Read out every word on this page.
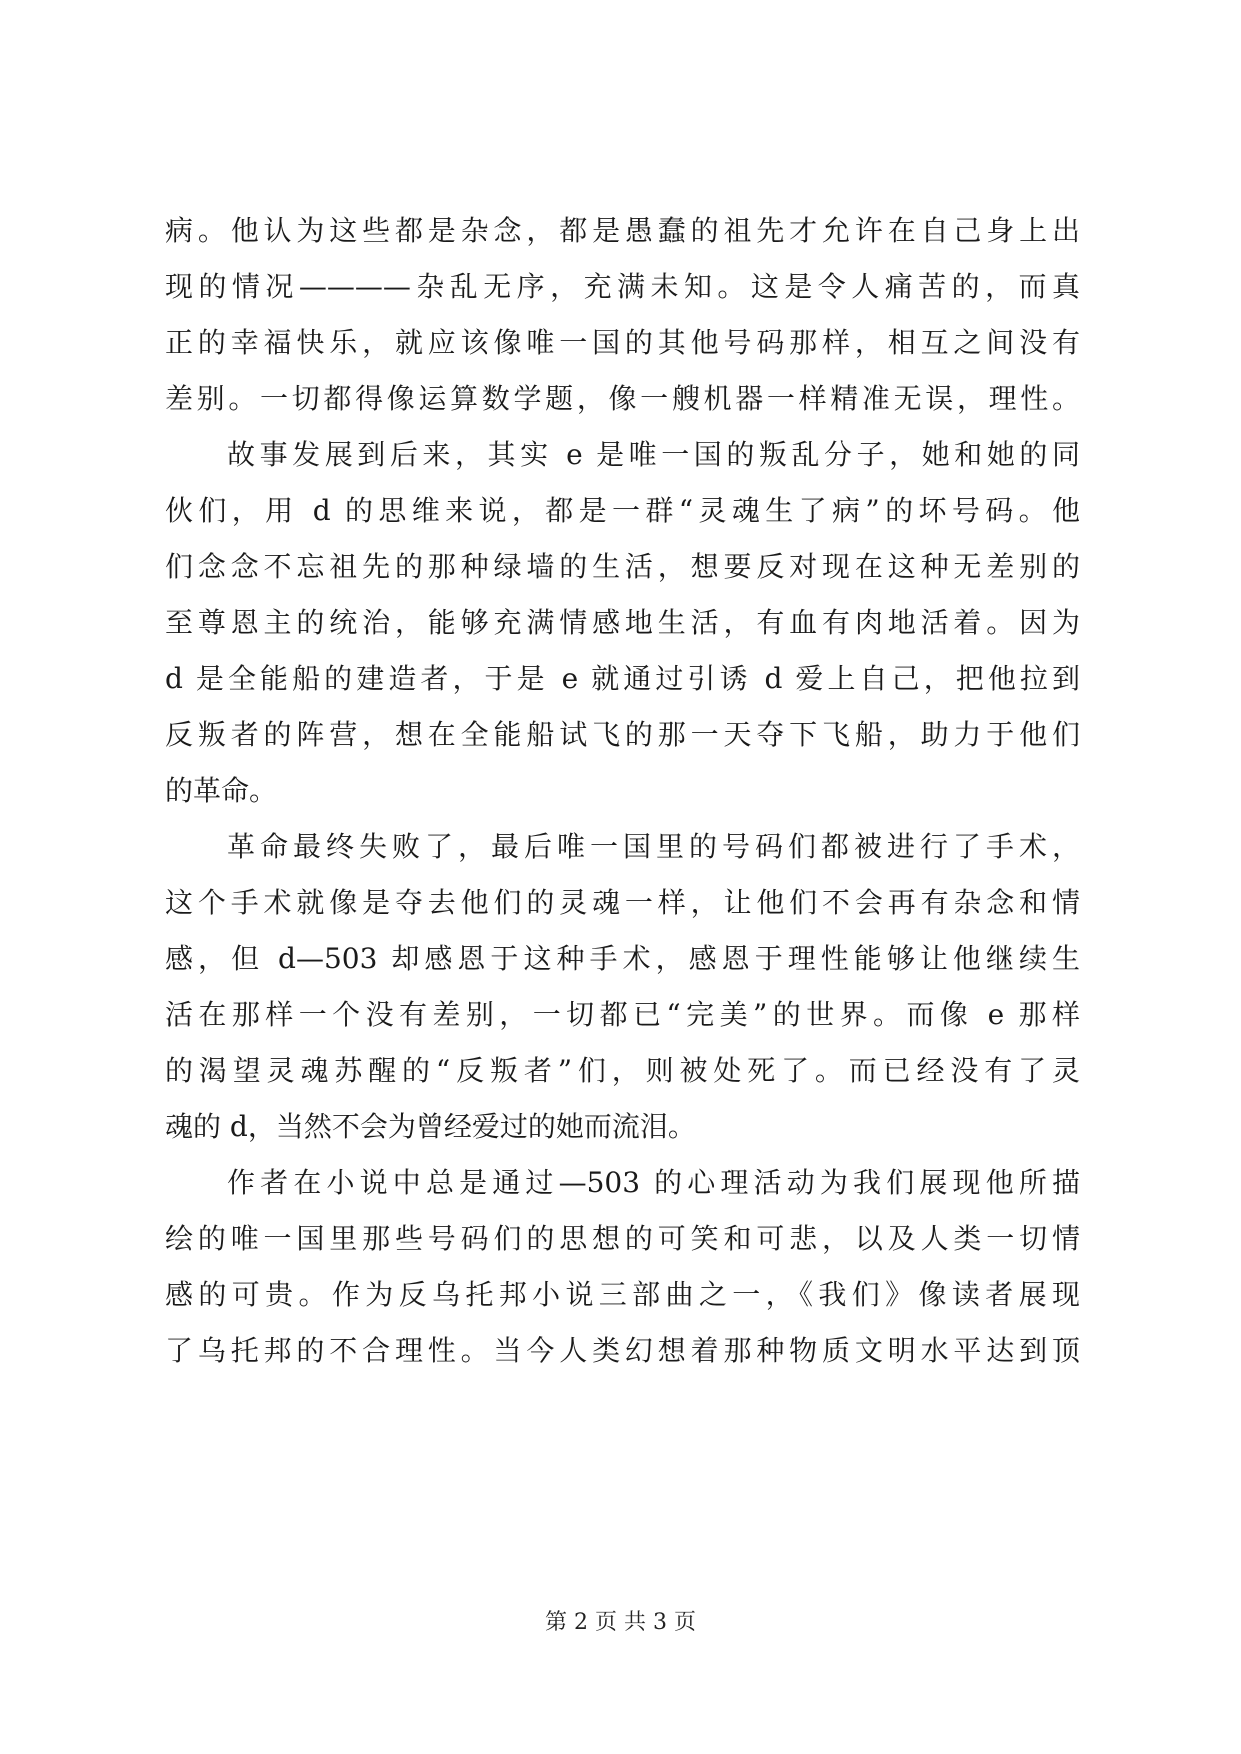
病。他认为这些都是杂念，都是愚蠢的祖先才允许在自己身上出
现的情况————杂乱无序，充满未知。这是令人痛苦的，而真
正的幸福快乐，就应该像唯一国的其他号码那样，相互之间没有
差别。一切都得像运算数学题，像一艘机器一样精准无误，理性。
故事发展到后来，其实 e 是唯一国的叛乱分子，她和她的同
伙们，用 d 的思维来说，都是一群“灵魂生了病”的坏号码。他
们念念不忘祖先的那种绿墙的生活，想要反对现在这种无差别的
至尊恩主的统治，能够充满情感地生活，有血有肉地活着。因为
d 是全能船的建造者，于是 e 就通过引诱 d 爱上自己，把他拉到
反叛者的阵营，想在全能船试飞的那一天夺下飞船，助力于他们
的革命。
革命最终失败了，最后唯一国里的号码们都被进行了手术，
这个手术就像是夺去他们的灵魂一样，让他们不会再有杂念和情
感，但 d—503 却感恩于这种手术，感恩于理性能够让他继续生
活在那样一个没有差别，一切都已“完美”的世界。而像 e 那样
的渴望灵魂苏醒的“反叛者”们，则被处死了。而已经没有了灵
魂的 d，当然不会为曾经爱过的她而流泪。
作者在小说中总是通过—503 的心理活动为我们展现他所描
绘的唯一国里那些号码们的思想的可笑和可悲，以及人类一切情
感的可贵。作为反乌托邦小说三部曲之一，《我们》像读者展现
了乌托邦的不合理性。当今人类幻想着那种物质文明水平达到顶
第 2 页 共 3 页
